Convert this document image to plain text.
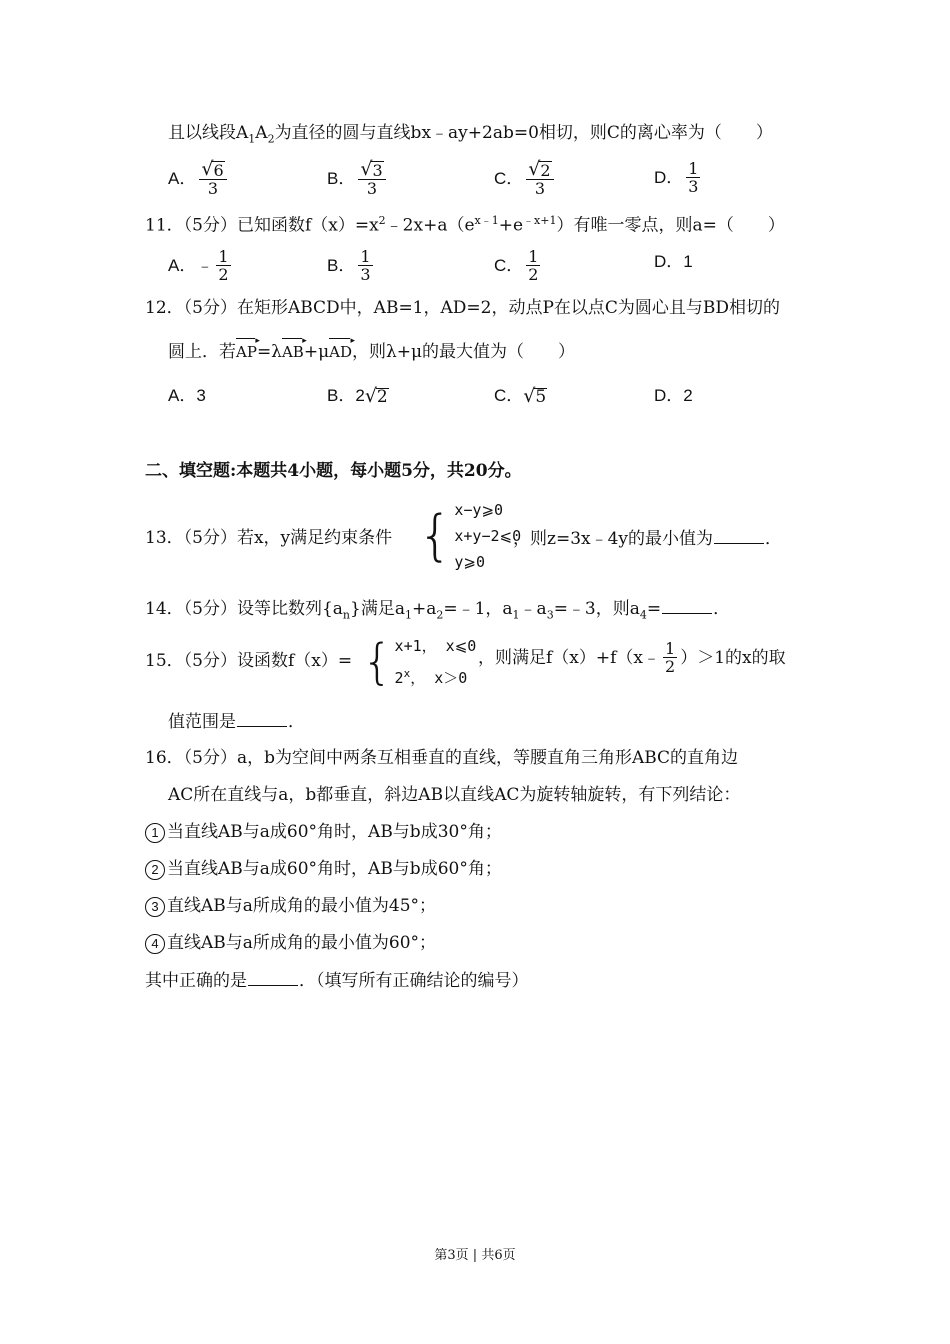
且以线段$A_1A_2$为直径的圆与直线bx﹣ay+2ab=0相切，则C的离心率为（　　）
A． $\frac{√ 6}{3}$	B． $\frac{√ 3}{3}$	C． $\frac{√ 2}{3}$	D． $\frac{1}{3}$
11．（5分）已知函数$f(x)=x^2﹣2x+a(e^{x﹣1}+e^{﹣x+1})$有唯一零点，则a=（　　）
A． ﹣ $\frac{1}{2}$	B． $\frac{1}{3}$	C． $\frac{1}{2}$	D． 1
12．（5分）在矩形ABCD中，AB=1，AD=2，动点P在以点C为圆心且与BD相切的
圆上．若AP ▸=λAB ▸+μAD ▸，则λ+μ的最大值为（　　）
A． 3	B． 2 √ 2	C． √ 5	D． 2
二、填空题:本题共4小题，每小题5分，共20分。
13．（5分）若x，y满足约束条件 { x−y⩾0
x+y−2⩽0
y⩾0
，则z=3x﹣4y的最小值为	．
14．（5分）设等比数列$\{a_n\}$满足$a_1+a_2=﹣1$，$a_1﹣a_3=﹣3$，则$a_4=$	．
15．（5分）设函数f（x）= { x+1， x⩽0
2$^x$， x＞0
，则满足f（x）+f（x﹣ $\frac{1}{2} )>1$的x的取
值范围是	．
16．（5分）a，b为空间中两条互相垂直的直线，等腰直角三角形ABC的直角边
AC所在直线与a，b都垂直，斜边AB以直线AC为旋转轴旋转，有下列结论：
1 当直线AB与a成60°角时，AB与b成30°角；
2 当直线AB与a成60°角时，AB与b成60°角；
3 直线AB与a所成角的最小值为45°；
4 直线AB与a所成角的最小值为60°；
其中正确的是	．（填写所有正确结论的编号）
第3页 | 共6页
